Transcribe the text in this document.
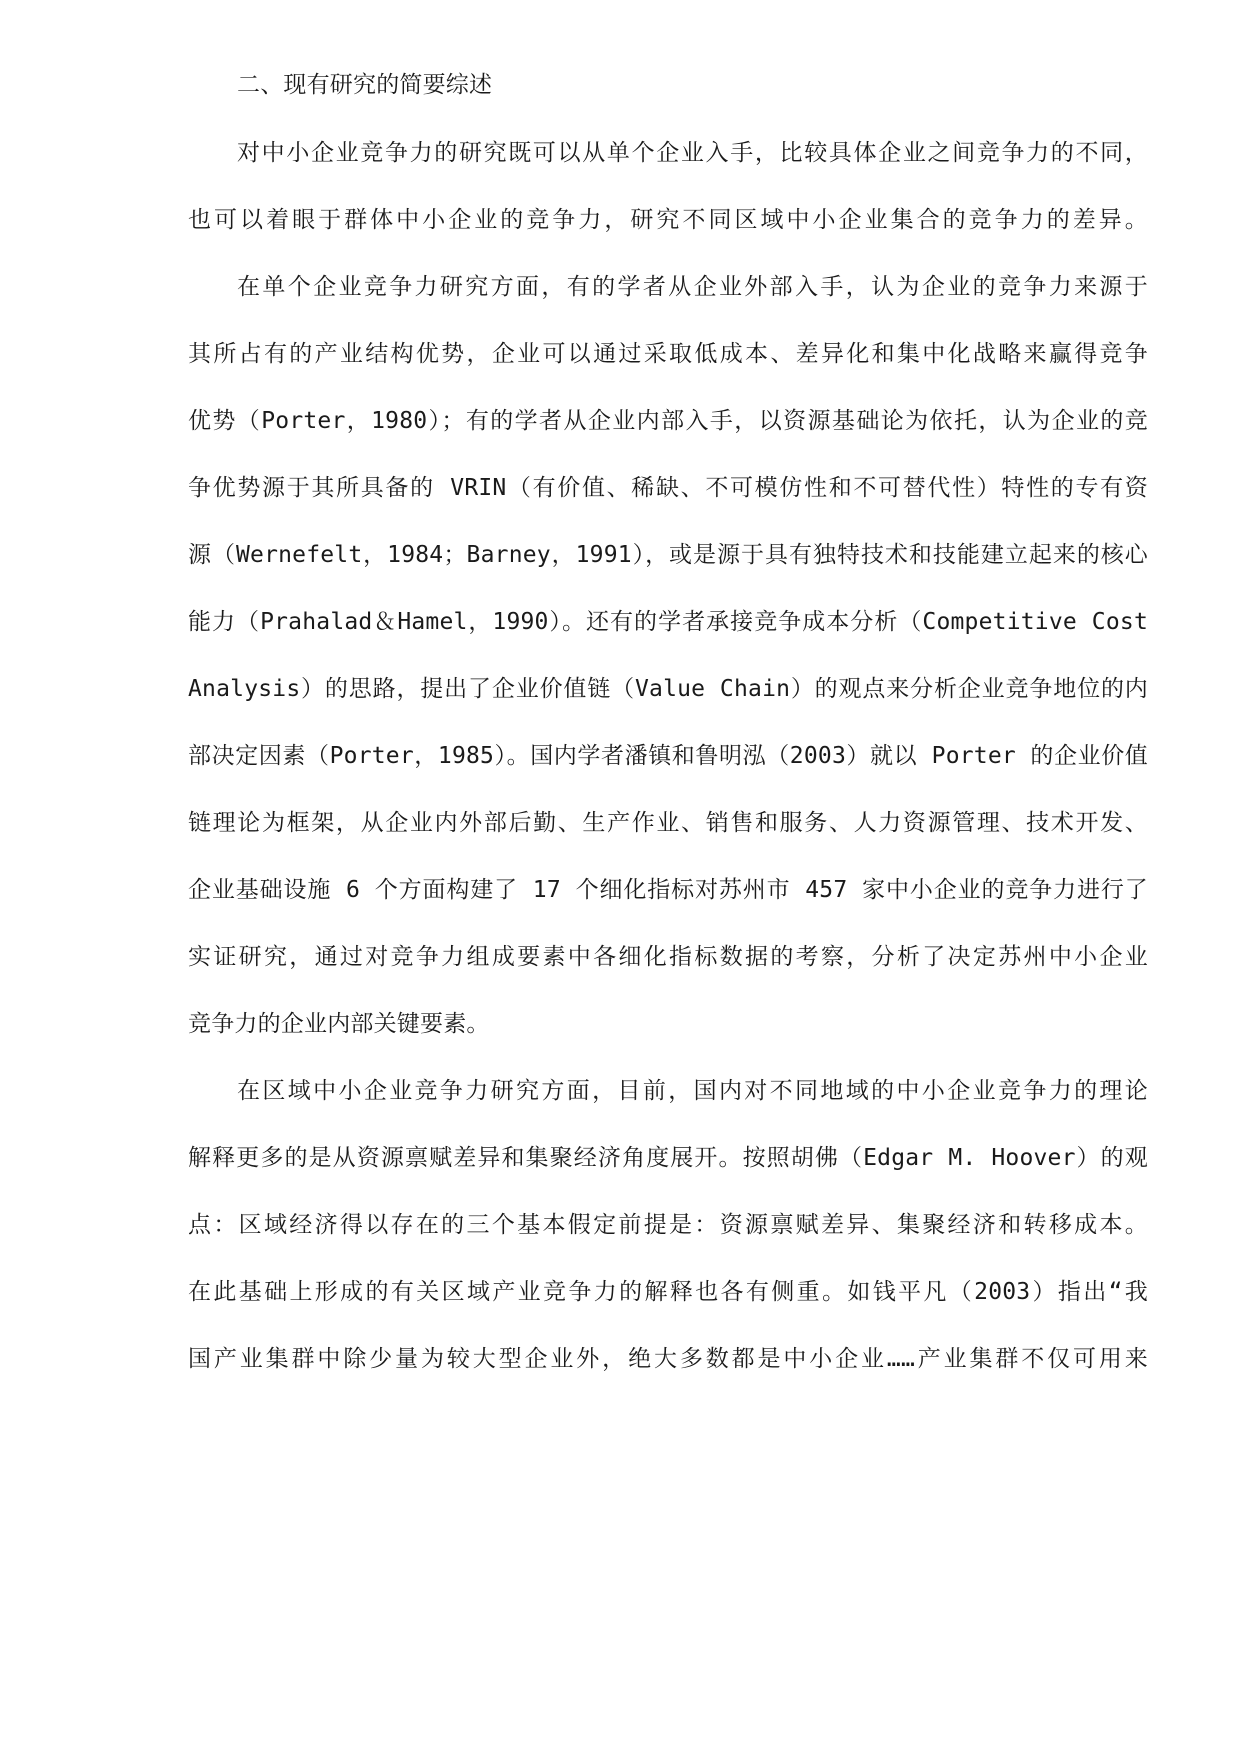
二、现有研究的简要综述
对中小企业竞争力的研究既可以从单个企业入手，比较具体企业之间竞争力的不同，
也可以着眼于群体中小企业的竞争力，研究不同区域中小企业集合的竞争力的差异。
在单个企业竞争力研究方面，有的学者从企业外部入手，认为企业的竞争力来源于
其所占有的产业结构优势，企业可以通过采取低成本、差异化和集中化战略来赢得竞争
优势（Porter，1980）；有的学者从企业内部入手，以资源基础论为依托，认为企业的竞
争优势源于其所具备的 VRIN（有价值、稀缺、不可模仿性和不可替代性）特性的专有资
源（Wernefelt，1984；Barney，1991），或是源于具有独特技术和技能建立起来的核心
能力（Prahalad＆Hamel，1990）。还有的学者承接竞争成本分析（Competitive Cost
Analysis）的思路，提出了企业价值链（Value Chain）的观点来分析企业竞争地位的内
部决定因素（Porter，1985）。国内学者潘镇和鲁明泓（2003）就以 Porter 的企业价值
链理论为框架，从企业内外部后勤、生产作业、销售和服务、人力资源管理、技术开发、
企业基础设施 6 个方面构建了 17 个细化指标对苏州市 457 家中小企业的竞争力进行了
实证研究，通过对竞争力组成要素中各细化指标数据的考察，分析了决定苏州中小企业
竞争力的企业内部关键要素。
在区域中小企业竞争力研究方面，目前，国内对不同地域的中小企业竞争力的理论
解释更多的是从资源禀赋差异和集聚经济角度展开。按照胡佛（Edgar M. Hoover）的观
点：区域经济得以存在的三个基本假定前提是：资源禀赋差异、集聚经济和转移成本。
在此基础上形成的有关区域产业竞争力的解释也各有侧重。如钱平凡（2003）指出“我
国产业集群中除少量为较大型企业外，绝大多数都是中小企业……产业集群不仅可用来
